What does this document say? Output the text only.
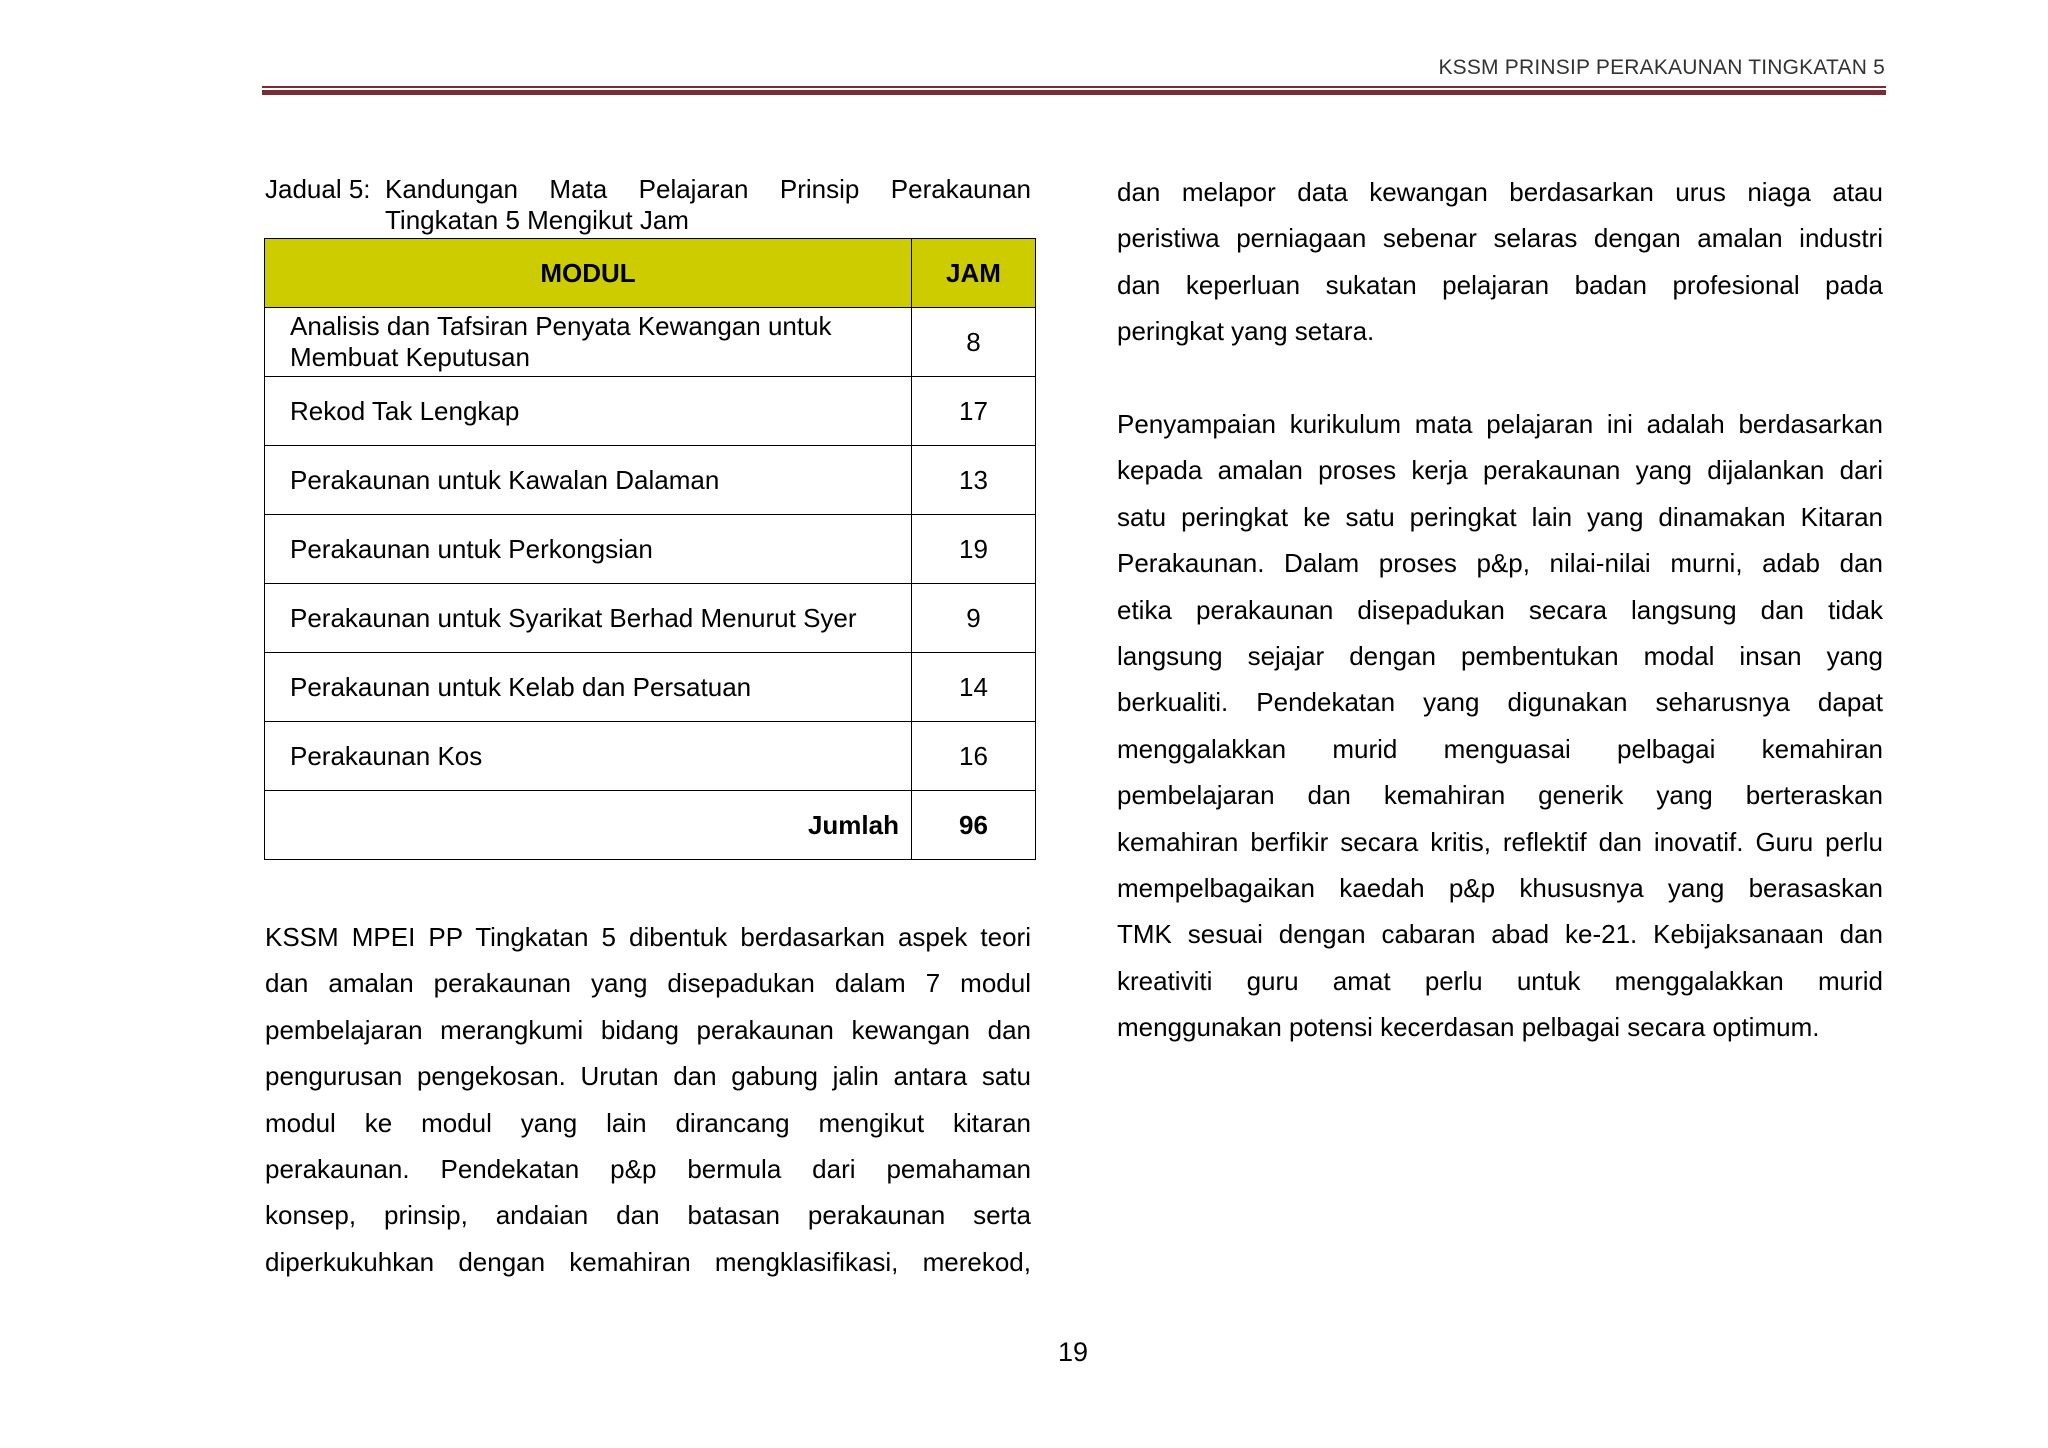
KSSM PRINSIP PERAKAUNAN TINGKATAN 5
Jadual 5: Kandungan Mata Pelajaran Prinsip Perakaunan
Tingkatan 5 Mengikut Jam
MODUL	JAM

Analisis dan Tafsiran Penyata Kewangan untuk
Membuat Keputusan	8

Rekod Tak Lengkap	17

Perakaunan untuk Kawalan Dalaman	13

Perakaunan untuk Perkongsian	19

Perakaunan untuk Syarikat Berhad Menurut Syer	9

Perakaunan untuk Kelab dan Persatuan	14

Perakaunan Kos	16
Jumlah	96
KSSM MPEI PP Tingkatan 5 dibentuk berdasarkan aspek teori
dan amalan perakaunan yang disepadukan dalam 7 modul
pembelajaran merangkumi bidang perakaunan kewangan dan
pengurusan pengekosan. Urutan dan gabung jalin antara satu
modul ke modul yang lain dirancang mengikut kitaran
perakaunan. Pendekatan p&p bermula dari pemahaman
konsep, prinsip, andaian dan batasan perakaunan serta
diperkukuhkan dengan kemahiran mengklasifikasi, merekod,
dan melapor data kewangan berdasarkan urus niaga atau
peristiwa perniagaan sebenar selaras dengan amalan industri
dan keperluan sukatan pelajaran badan profesional pada
peringkat yang setara.
Penyampaian kurikulum mata pelajaran ini adalah berdasarkan
kepada amalan proses kerja perakaunan yang dijalankan dari
satu peringkat ke satu peringkat lain yang dinamakan Kitaran
Perakaunan. Dalam proses p&p, nilai-nilai murni, adab dan
etika perakaunan disepadukan secara langsung dan tidak
langsung sejajar dengan pembentukan modal insan yang
berkualiti. Pendekatan yang digunakan seharusnya dapat
menggalakkan murid menguasai pelbagai kemahiran
pembelajaran dan kemahiran generik yang berteraskan
kemahiran berfikir secara kritis, reflektif dan inovatif. Guru perlu
mempelbagaikan kaedah p&p khususnya yang berasaskan
TMK sesuai dengan cabaran abad ke-21. Kebijaksanaan dan
kreativiti guru amat perlu untuk menggalakkan murid
menggunakan potensi kecerdasan pelbagai secara optimum.
19
